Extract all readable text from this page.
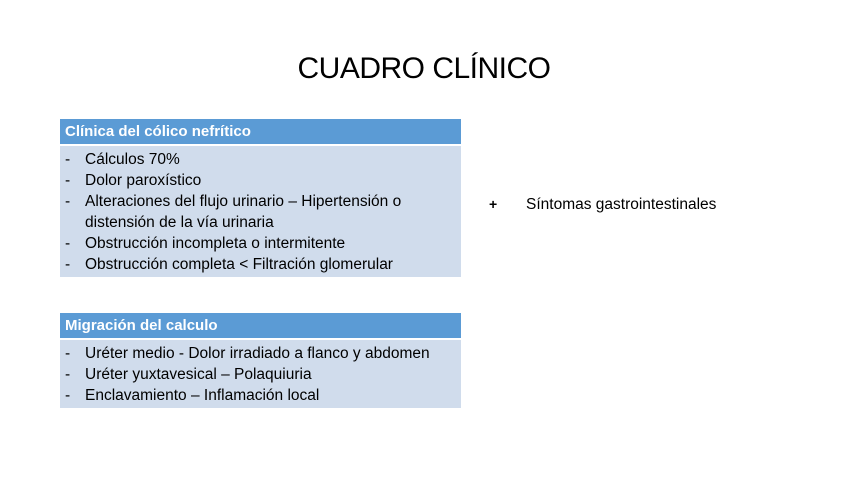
CUADRO CLÍNICO
Clínica del cólico nefrítico
- Cálculos 70%
- Dolor paroxístico
- Alteraciones del flujo urinario – Hipertensión o distensión de la vía urinaria
- Obstrucción incompleta o intermitente
- Obstrucción completa < Filtración glomerular
Migración del calculo
- Uréter medio - Dolor irradiado a flanco y abdomen
- Uréter yuxtavesical – Polaquiuria
- Enclavamiento – Inflamación local
+ Síntomas gastrointestinales
